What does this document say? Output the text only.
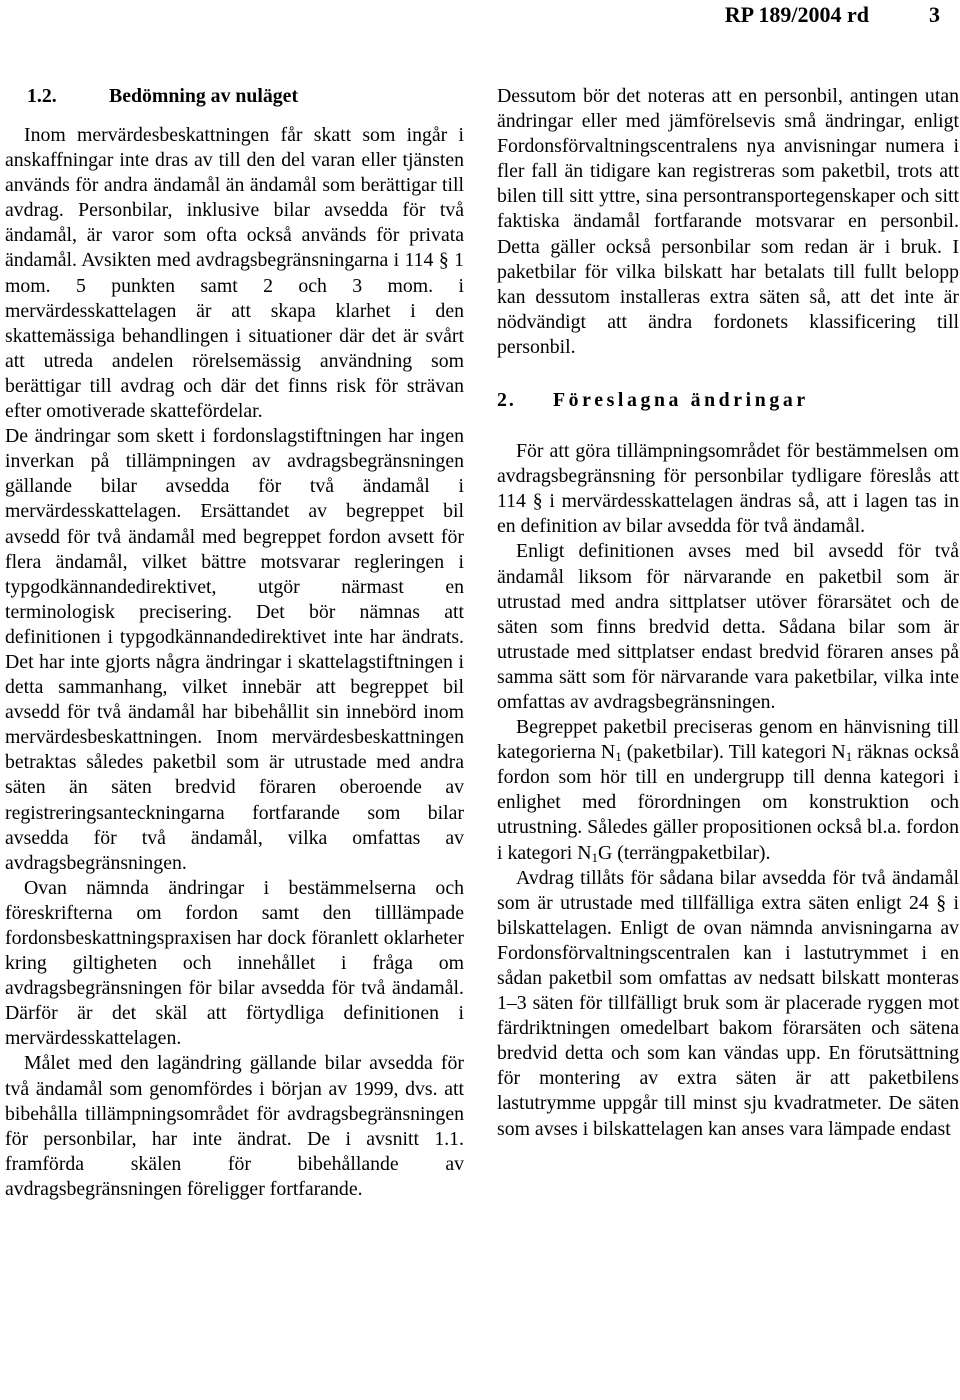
RP 189/2004 rd	3
1.2.	Bedömning av nuläget

Inom mervärdesbeskattningen får skatt som ingår i anskaffningar inte dras av till den del varan eller tjänsten används för andra ändamål än ändamål som berättigar till avdrag. Personbilar, inklusive bilar avsedda för två ändamål, är varor som ofta också används för privata ändamål. Avsikten med avdragsbegränsningarna i 114 § 1 mom. 5 punkten samt 2 och 3 mom. i mervärdesskattelagen är att skapa klarhet i den skattemässiga behandlingen i situationer där det är svårt att utreda andelen rörelsemässig användning som berättigar till avdrag och där det finns risk för strävan efter omotiverade skattefördelar.

De ändringar som skett i fordonslagstiftningen har ingen inverkan på tillämpningen av avdragsbegränsningen gällande bilar avsedda för två ändamål i mervärdesskattelagen. Ersättandet av begreppet bil avsedd för två ändamål med begreppet fordon avsett för flera ändamål, vilket bättre motsvarar regleringen i typgodkännandedirektivet, utgör närmast en terminologisk precisering. Det bör nämnas att definitionen i typgodkännandedirektivet inte har ändrats. Det har inte gjorts några ändringar i skattelagstiftningen i detta sammanhang, vilket innebär att begreppet bil avsedd för två ändamål har bibehållit sin innebörd inom mervärdesbeskattningen. Inom mervärdesbeskattningen betraktas således paketbil som är utrustade med andra säten än säten bredvid föraren oberoende av registreringsanteckningarna fortfarande som bilar avsedda för två ändamål, vilka omfattas av avdragsbegränsningen.

Ovan nämnda ändringar i bestämmelserna och föreskrifterna om fordon samt den tilllämpade fordonsbeskattningspraxisen har dock föranlett oklarheter kring giltigheten och innehållet i fråga om avdragsbegränsningen för bilar avsedda för två ändamål. Därför är det skäl att förtydliga definitionen i mervärdesskattelagen.

Målet med den lagändring gällande bilar avsedda för två ändamål som genomfördes i början av 1999, dvs. att bibehålla tillämpningsområdet för avdragsbegränsningen för personbilar, har inte ändrat. De i avsnitt 1.1. framförda skälen för bibehållande av avdragsbegränsningen föreligger fortfarande.

Dessutom bör det noteras att en personbil, antingen utan ändringar eller med jämförelsevis små ändringar, enligt Fordonsförvaltningscentralens nya anvisningar numera i fler fall än tidigare kan registreras som paketbil, trots att bilen till sitt yttre, sina persontransportegenskaper och sitt faktiska ändamål fortfarande motsvarar en personbil. Detta gäller också personbilar som redan är i bruk. I paketbilar för vilka bilskatt har betalats till fullt belopp kan dessutom installeras extra säten så, att det inte är nödvändigt att ändra fordonets klassificering till personbil.

2. Föreslagna ändringar

För att göra tillämpningsområdet för bestämmelsen om avdragsbegränsning för personbilar tydligare föreslås att 114 § i mervärdesskattelagen ändras så, att i lagen tas in en definition av bilar avsedda för två ändamål.

Enligt definitionen avses med bil avsedd för två ändamål liksom för närvarande en paketbil som är utrustad med andra sittplatser utöver förarsätet och de säten som finns bredvid detta. Sådana bilar som är utrustade med sittplatser endast bredvid föraren anses på samma sätt som för närvarande vara paketbilar, vilka inte omfattas av avdragsbegränsningen.

Begreppet paketbil preciseras genom en hänvisning till kategorierna $N_1$ (paketbilar). Till kategori $N_1$ räknas också fordon som hör till en undergrupp till denna kategori i enlighet med förordningen om konstruktion och utrustning. Således gäller propositionen också bl.a. fordon i kategori $N_1G$ (terrängpaketbilar).

Avdrag tillåts för sådana bilar avsedda för två ändamål som är utrustade med tillfälliga extra säten enligt 24 § i bilskattelagen. Enligt de ovan nämnda anvisningarna av Fordonsförvaltningscentralen kan i lastutrymmet i en sådan paketbil som omfattas av nedsatt bilskatt monteras 1–3 säten för tillfälligt bruk som är placerade ryggen mot färdriktningen omedelbart bakom förarsäten och sätena bredvid detta och som kan vändas upp. En förutsättning för montering av extra säten är att paketbilens lastutrymme uppgår till minst sju kvadratmeter. De säten som avses i bilskattelagen kan anses vara lämpade endast
